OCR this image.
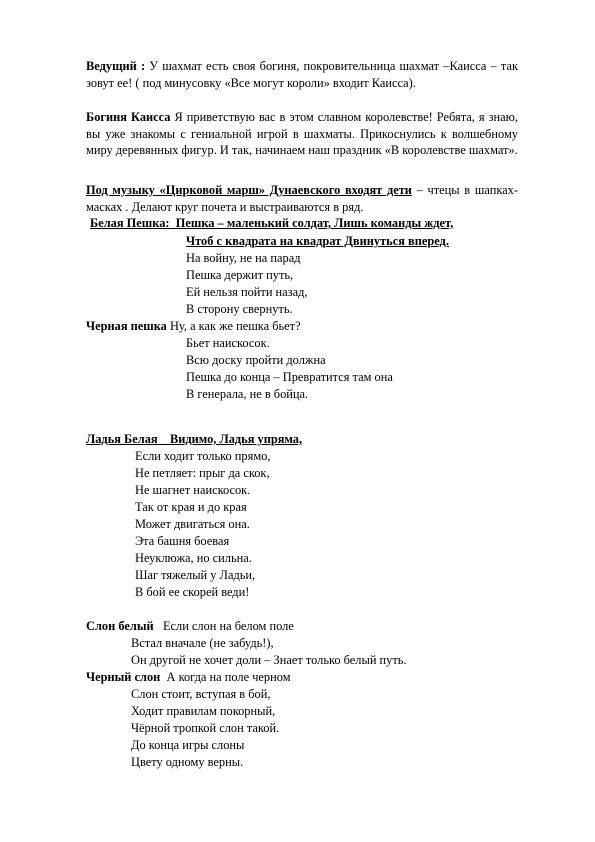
Ведущий : У шахмат есть своя богиня, покровительница шахмат –Каисса – так зовут ее! ( под минусовку «Все могут короли» входит Каисса).

Богиня Каисса Я приветствую вас в этом славном королевстве! Ребята, я знаю, вы уже знакомы с гениальной игрой в шахматы. Прикоснулись к волшебному миру деревянных фигур. И так, начинаем наш праздник «В королевстве шахмат».

Под музыку «Цирковой марш» Дунаевского входят дети – чтецы в шапках- масках . Делают круг почета и выстраиваются в ряд.

Белая Пешка: Пешка – маленький солдат, Лишь команды ждет,
Чтоб с квадрата на квадрат Двинуться вперед.
На войну, не на парад
Пешка держит путь,
Ей нельзя пойти назад,
В сторону свернуть.
Черная пешка Ну, а как же пешка бьет?
Бьет наискосок.
Всю доску пройти должна
Пешка до конца – Превратится там она
В генерала, не в бойца.
Ладья Белая Видимо, Ладья упряма,
Если ходит только прямо,
Не петляет: прыг да скок,
Не шагнет наискосок.
Так от края и до края
Может двигаться она.
Эта башня боевая
Неуклюжа, но сильна.
Шаг тяжелый у Ладьи,
В бой ее скорей веди!
Слон белый Если слон на белом поле
Встал вначале (не забудь!),
Он другой не хочет доли – Знает только белый путь.
Черный слон А когда на поле черном
Слон стоит, вступая в бой,
Ходит правилам покорный,
Чёрной тропкой слон такой.
До конца игры слоны
Цвету одному верны.
